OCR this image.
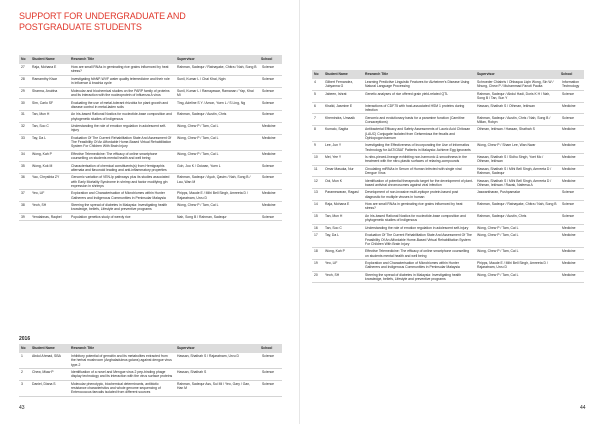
SUPPORT FOR UNDERGRADUATE AND
POSTGRADUATE STUDENTS
No	Student Name	Research Title	Supervisor	School
27	Raja, Mohana E	How are small RNAs in geminating rice grains influenced by heat stress?	Rahman, Sadequr / Ratnayake, Chitra / Nah, Song B	Science
28	Ramamthy Kisar	Investigating fdhNP-WVF water quality telemedicine and their role in influence A brachia cycle	Sunil, Kumar L / Chai Khai, Ngin	Science
29	Sharma, Anubha	Molecular and biochemical studies on the PARP family of proteins and its interaction with the nucleoprotein of influenza A virus	Sunil, Kumar L / Ramayawar, Ramanan / Yap, Khai Mi	Science
30	Sim, Carlo SF	Evaluating the use of metal-tolerant rhizobia for plant growth and disease control in metal-laden soils	Ting, Adeline S Y / Amon, Yuen L / S Ling, Ng	Science
31	Tan, Mun H	An Iris-based Rational Nostics for nucleotide-base composition and phylogenetic studies of Indigenous	Rahman, Sadequr / Austin, Chris	Science
32	Tan, Soo C	Understanding the role of emotion regulation in adolescent self-injury	Wong, Chew P / Tam, Cai L	Medicine
33	Tay, Da L	Evaluation Of The Current Rehabilitation State And Assessment Of The Feasibility Of An Affordable Home-Based Virtual Rehabilitation System For Children With Brain Injury	Wong, Chew P / Tam, Cai L	Medicine
34	Wong, Kah P	Effective Telemedicine: The efficacy of online smartphone counselling on students mental health and well being	Wong, Chew P / Tam, Cai L	Medicine
35	Wong, Kok M	Characterisation of chemical constituents(s) from Hemigraphis alternata and flavonoid leading and anti-inflammatory properties	Goh, Joo K / Ooiwan, Yuen L	Science
36	Yao, Chrystbia ZY	Genomic variation of VEN-lp pathways plus its studies associated with Early Mortality Syndrome in shrimp and factor modifying gln expression in shrimps	Rahman, Sadequr / Ayub, Qasim / Nah, Song B / Lau, Wan M	Science
37	Yeo, LiF	Exploration and Characterisation of Microbiomes within Hunter Gatherers and Indigenous Communities in Peninsular Malaysia	Phipps, Maude E / Mihi Bell Singh, Amreeta D / Rajaratnam, Urvu D	Medicine
38	Yeoh, SH	Steering the spread of diabetes in Malaysia: Investigating health knowledge, beliefs, Lifestyle and preventive programs	Wong, Chew P / Tam, Cai L	Medicine
39	Yendabnas, Raqbel	Population genetics study of weedy rice	Nah, Song B / Rahman, Sadequr	Science
2016
No	Student Name	Research Title	Supervisor	School
1	Abdul Ahmad, SBA	Inhibitory potential of gemcitin and its metabolites extracted from the herbal mushroom (Anghaladuleus golans) against dengue virus type-2	Hassan, Shathah S / Rajaratnam, Urvu D	Science
2	Chew, Miaw P	Identification of a novel and Mengue virus 2 pep-binding phage display technology and its interaction with the virus surface proteins	Hassan, Shathah S	Science
3	Daniel, Diana S	Molecular phenotypic, biochemical determinants, antibiotic resistance characteristics and whole genome sequencing of Enterococcus faecalis isolated from different sources	Rahman, Sadequr Ass, Sui Mi / Yeo, Gary / Gan, Han M	Science
43
No	Student Name	Research Title	Supervisor	School
4	Gilbert Fernandez, Jubyanna G	Learning Predictive Linguistic Features for Alzheimer's Disease Using Natural Language Processing	Schroeder Chiabris / Ohbaqua Liqin Wong, Sin W / Nhung, Chew P / Muhammad Fanoti Paulta	Information Technology
5	Jabeen, Ishrat	Genetic analyses of rice offered grain yield-related QTL	Rahman, Sadequr / Abdul Hadi, Doris K H / Nah, Song B / Tan, Sun Y	Science
6	Khalid, Jasmine E	Interactions of CDF75 with host-associated HSM 1 proteins during infection	Hassan, Shathah S / Othman, Iekhsan	Medicine
7	Khemindra, Umaaik	Genomic and evolutionary basis for a paramine function (Carnitine Corsaceptions)	Rahman, Sadequr / Austin, Chris / Nah, Song B / Millan, Robyn	Science
8	Kumalo, Sagita	Antibacterial Efficacy and Safety Assessments of Lauric Acid Chitosan (LAUC) Conjugate Isolated from Gelsemiosa the fecalis and Ophiopogon barnum	Othman, Iekhsan / Hassan, Shathah S	Medicine
9	Lee, Jun Y	Investigating the Effectiveness of Incorporating the Use of Informatics Technology for AAT/CBAT Patients in Malaysia: Achieve Egg Ignorants	Wong, Chew P / Sham Lee, Wan Nwar	Medicine
10	Mei, Yee Y	Is nitro-pieced-lineage exhibiting non-harmonic & smoothness in the treatment with the nitro-plastic surfaces of relaxing-compounds	Hassan, Shathah S / Sidhu Singh, Yoet Mc / Othman, Iekhsan	Medicine
11	Omar Masuka, Nur	Circulating miRNAs in Serum of Human Infected with single viral Dengue Virus	Hassan, Shathah S / Mihi Bell Singh, Amreeta D / Rahman, Sadequr	Medicine
12	Ooi, Mun K	Identification of potential therapeutic target for the development of plant-based antiviral chromosomes against viral infection	Hassan, Shathah S / Mihi Bell Singh, Amreeta D / Othman, Iekhsan / Razak, Nafeesa A	Medicine
13	Paramewaran, Ragasl	Development of non-invasive multi-epitope protein-based post diagnostic for multiple viruses in human	Jaswantharan, Pushpamalar	Science
14	Raja, Mohana E	How are small RNAs in geminating rice grains influenced by heat stress?	Rahman, Sadequr / Ratnayake, Chitra / Nah, Song B	Science
15	Tan, Mun H	An Iris-based Rational Nostics for nucleotide-base composition and phylogenetic studies of Indigenous	Rahman, Sadequr / Austin, Chris	Science
16	Tan, Soo C	Understanding the role of emotion regulation in adolescent self-injury	Wong, Chew P / Tam, Cai L	Medicine
17	Tay, Da L	Evaluation Of The Current Rehabilitation State And Assessment Of The Feasibility Of An Affordable Home-Based Virtual Rehabilitation System For Children With Brain Injury	Wong, Chew P / Tam, Cai L	Medicine
18	Wong, Kah P	Effective Telemedicine: The efficacy of online smartphone counselling on students mental health and well being	Wong, Chew P / Tam, Cai L	Medicine
19	Yeo, LiF	Exploration and Characterisation of Microbiomes within Hunter Gatherers and Indigenous Communities in Peninsular Malaysia	Phipps, Maude E / Mihi Bell Singh, Amreeta D / Rajaratnam, Urvu D	Medicine
20	Yeoh, SH	Steering the spread of diabetes in Malaysia: Investigating health knowledge, beliefs, Lifestyle and preventive programs	Wong, Chew P / Tam, Cai L	Medicine
44
